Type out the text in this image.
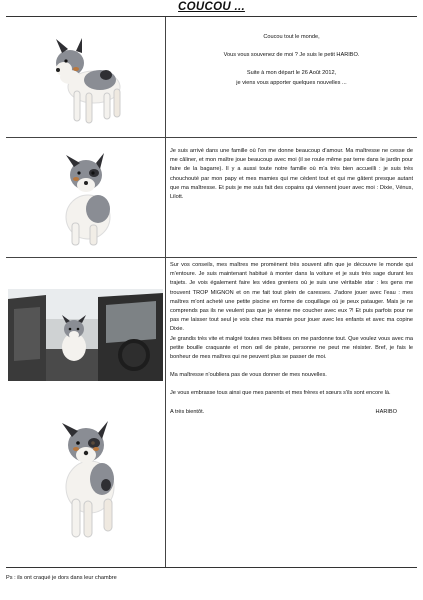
COUCOU ...

Coucou tout le monde,

Vous vous souvenez de moi ? Je suis le petit HARIBO.

Suite à mon départ le 26 Août 2012,

je viens vous apporter quelques nouvelles ...

Je suis arrivé dans une famille où l'on me donne beaucoup d'amour. Ma maîtresse ne cesse de me câliner, et mon maître joue beaucoup avec moi (il se roule même par terre dans le jardin pour faire de la bagarre). Il y a aussi toute notre famille où m'a très bien accueilli : je suis très chouchouté par mon papy et mes mamies qui me cèdent tout et qui me gâtent presque autant que ma maîtresse. Et puis je me suis fait des copains qui viennent jouer avec moi : Dixie, Vénus, Lilott.

Sur vos conseils, mes maîtres me promènent très souvent afin que je découvre le monde qui m'entoure. Je suis maintenant habitué à monter dans la voiture et je suis très sage durant les trajets. Je vois également faire les vides greniers où je suis une véritable star : les gens me trouvent TROP MIGNON et on me fait tout plein de caresses. J'adore jouer avec l'eau : mes maîtres m'ont acheté une petite piscine en forme de coquillage où je peux patauger. Mais je ne comprends pas ils ne veulent pas que je vienne me coucher avec eux ?! Et puis parfois pour ne pas me laisser tout seul je vois chez ma mamie pour jouer avec les enfants et avec ma copine Dixie.

Je grandis très vite et malgré toutes mes bêtises on me pardonne tout. Que voulez vous avec ma petite bouille craquante et mon œil de pirate, personne ne peut me résister. Bref, je fais le bonheur de mes maîtres qui ne peuvent plus se passer de moi.

Ma maîtresse n'oubliera pas de vous donner de mes nouvelles.

Je vous embrasse tous ainsi que mes parents et mes frères et sœurs s'ils sont encore là.

A très bientôt.	HARIBO
Ps : ils ont craqué je dors dans leur chambre
